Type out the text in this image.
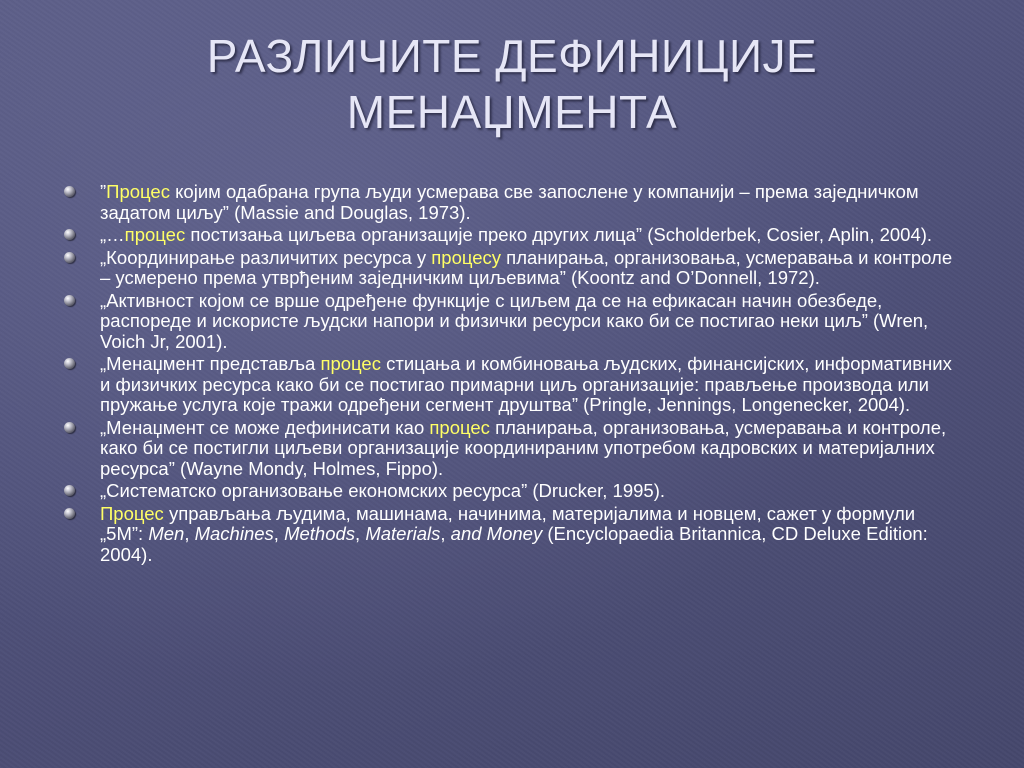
РАЗЛИЧИТЕ ДЕФИНИЦИЈЕ
МЕНАЏМЕНТА
”Процес којим одабрана група људи усмерава све запослене у компанији – према заједничком задатом циљу” (Massie and Douglas, 1973).
„…процес постизања циљева организације преко других лица” (Scholderbek, Cosier, Aplin, 2004).
„Координирање различитих ресурса у процесу планирања, организовања, усмеравања и контроле – усмерено према утврђеним заједничким циљевима” (Koontz and O’Donnell, 1972).
„Активност којом се врше одређене функције с циљем да се на ефикасан начин обезбеде, распореде и искористе људски напори и физички ресурси како би се постигао неки циљ” (Wren, Voich Jr, 2001).
„Менаџмент представља процес стицања и комбиновања људских, финансијских, информативних и физичких ресурса како би се постигао примарни циљ организације: прављење производа или пружање услуга које тражи одређени сегмент друштва” (Pringle, Jennings, Longenecker, 2004).
„Менаџмент се може дефинисати као процес планирања, организовања, усмеравања и контроле, како би се постигли циљеви организације координираним употребом кадровских и материјалних ресурса” (Wayne Mondy, Holmes, Fippo).
„Систематско организовање економских ресурса” (Drucker, 1995).
Процес управљања људима, машинама, начинима, материјалима и новцем, сажет у формули „5М”: Men, Machines, Methods, Materials, and Money (Encyclopaedia Britannica, CD Deluxe Edition: 2004).
